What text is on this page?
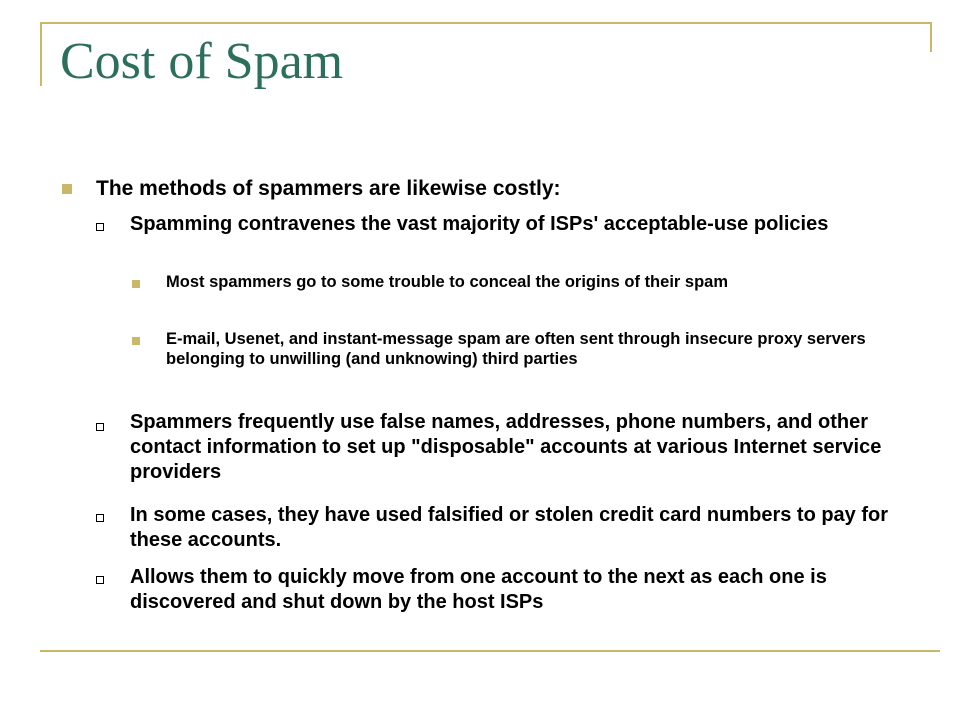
Cost of Spam
The methods of spammers are likewise costly:
Spamming contravenes the vast majority of ISPs' acceptable-use policies
Most spammers go to some trouble to conceal the origins of their spam
E-mail, Usenet, and instant-message spam are often sent through insecure proxy servers belonging to unwilling (and unknowing) third parties
Spammers frequently use false names, addresses, phone numbers, and other contact information to set up "disposable" accounts at various Internet service providers
In some cases, they have used falsified or stolen credit card numbers to pay for these accounts.
Allows them to quickly move from one account to the next as each one is discovered and shut down by the host ISPs
